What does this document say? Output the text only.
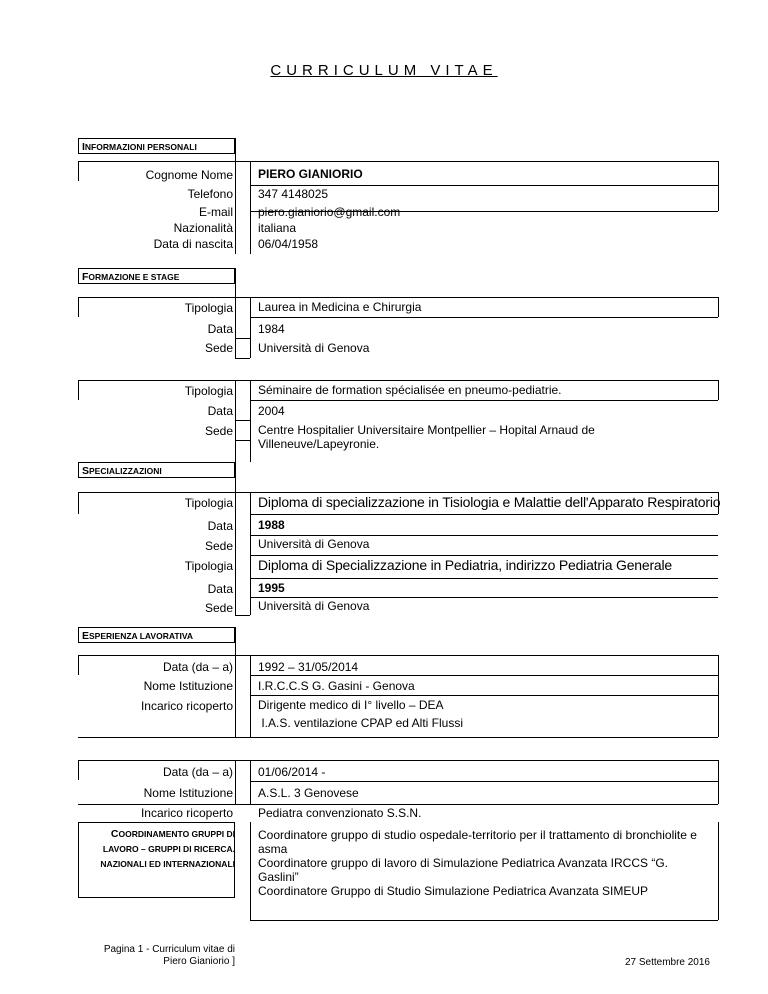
CURRICULUM VITAE
INFORMAZIONI PERSONALI
Cognome Nome
Telefono
E-mail
Nazionalità
Data di nascita
PIERO GIANIORIO
347 4148025
piero.gianiorio@gmail.com
italiana
06/04/1958
FORMAZIONE E STAGE
Tipologia
Data
Sede
Laurea in Medicina e Chirurgia
1984
Università di Genova
Tipologia
Data
Sede
Séminaire de formation spécialisée en pneumo-pediatrie.
2004
Centre Hospitalier Universitaire Montpellier – Hopital Arnaud de Villeneuve/Lapeyronie.
SPECIALIZZAZIONI
Tipologia
Data
Sede
Tipologia
Data
Sede
Diploma di specializzazione in Tisiologia e Malattie dell'Apparato Respiratorio
1988
Università di Genova
Diploma di Specializzazione in Pediatria, indirizzo Pediatria Generale
1995
Università di Genova
ESPERIENZA LAVORATIVA
Data (da – a)
Nome Istituzione
Incarico ricoperto
1992 – 31/05/2014
I.R.C.C.S G. Gasini - Genova
Dirigente medico di I° livello – DEA
I.A.S. ventilazione CPAP ed Alti Flussi
Data (da – a)
Nome Istituzione
Incarico ricoperto
01/06/2014 -
A.S.L. 3 Genovese
Pediatra convenzionato S.S.N.
COORDINAMENTO GRUPPI DI
LAVORO – GRUPPI DI RICERCA.
NAZIONALI ED INTERNAZIONALI
Coordinatore gruppo di studio ospedale-territorio per il trattamento di bronchiolite e asma
Coordinatore gruppo di lavoro di Simulazione Pediatrica Avanzata IRCCS “G. Gaslini”
Coordinatore Gruppo di Studio Simulazione Pediatrica Avanzata SIMEUP
Pagina 1 - Curriculum vitae di
Piero Gianiorio ]	27 Settembre 2016
